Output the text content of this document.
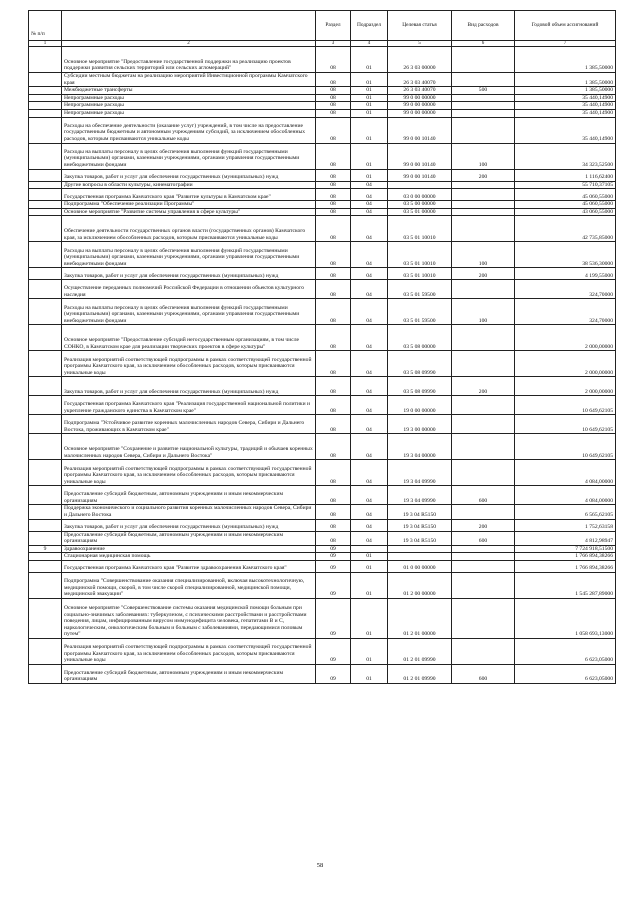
№ п/п		Раздел	Подраздел	Целевая статья	Вид расходов	Годовой объем ассигнований
1	2	3	4	5	6	7
	Основное мероприятие "Предоставление государственной поддержки на реализацию проектов поддержки развития сельских территорий или сельских агломераций"	08	01	26 3 03 00000		1 385,50000
	Субсидии местным бюджетам на реализацию мероприятий Инвестиционной программы Камчатского края	08	01	26 3 03 40070		1 385,50000
	Межбюджетные трансферты	08	01	26 3 03 40070	500	1 385,50000
	Непрограммные расходы	08	01	99 0 00 00000		35 440,14900
	Непрограммные расходы	08	01	99 0 00 00000		35 440,14900
	Непрограммные расходы	08	01	99 0 00 00000		35 440,14900
	Расходы на обеспечение деятельности (оказание услуг) учреждений, в том числе на предоставление государственным бюджетным и автономным учреждениям субсидий, за исключением обособленных расходов, которым присваиваются уникальные коды	08	01	99 0 00 10140		35 440,14900
	Расходы на выплаты персоналу в целях обеспечения выполнения функций государственными (муниципальными) органами, казенными учреждениями, органами управления государственными внебюджетными фондами	08	01	99 0 00 10140	100	34 323,52500
	Закупка товаров, работ и услуг для обеспечения государственных (муниципальных) нужд	08	01	99 0 00 10140	200	1 116,62400
	Другие вопросы в области культуры, кинематографии	08	04			55 710,37105
	Государственная программа Камчатского края "Развитие культуры в Камчатском крае"	08	04	03 0 00 00000		45 060,55000
	Подпрограмма "Обеспечение реализации Программы"	08	04	03 5 00 00000		45 060,55000
	Основное мероприятие "Развитие системы управления в сфере культуры"	08	04	03 5 01 00000		43 060,55000
	Обеспечение деятельности государственных органов власти (государственных органов) Камчатского края, за исключением обособленных расходов, которым присваиваются уникальные коды	08	04	03 5 01 10010		42 735,85000
	Расходы на выплаты персоналу в целях обеспечения выполнения функций государственными (муниципальными) органами, казенными учреждениями, органами управления государственными внебюджетными фондами	08	04	03 5 01 10010	100	38 536,30000
	Закупка товаров, работ и услуг для обеспечения государственных (муниципальных) нужд	08	04	03 5 01 10010	200	4 199,55000
	Осуществление переданных полномочий Российской Федерации в отношении объектов культурного наследия	08	04	03 5 01 59500		324,70000
	Расходы на выплаты персоналу в целях обеспечения выполнения функций государственными (муниципальными) органами, казенными учреждениями, органами управления государственными внебюджетными фондами	08	04	03 5 01 59500	100	324,70000
	Основное мероприятие "Предоставление субсидий негосударственным организациям, в том числе СОНКО, в Камчатском крае для реализации творческих проектов в сфере культуры"	08	04	03 5 08 00000		2 000,00000
	Реализация мероприятий соответствующей подпрограммы в рамках соответствующей государственной программы Камчатского края, за исключением обособленных расходов, которым присваиваются уникальные коды	08	04	03 5 08 09990		2 000,00000
	Закупка товаров, работ и услуг для обеспечения государственных (муниципальных) нужд	08	04	03 5 08 09990	200	2 000,00000
	Государственная программа Камчатского края "Реализация государственной национальной политики и укрепление гражданского единства в Камчатском крае"	08	04	19 0 00 00000		10 649,62105
	Подпрограмма "Устойчивое развитие коренных малочисленных народов Севера, Сибири и Дальнего Востока, проживающих в Камчатском крае"	08	04	19 3 00 00000		10 649,62105
	Основное мероприятие "Сохранение и развитие национальной культуры, традиций и обычаев коренных малочисленных народов Севера, Сибири и Дальнего Востока"	08	04	19 3 04 00000		10 649,62105
	Реализация мероприятий соответствующей подпрограммы в рамках соответствующей государственной программы Камчатского края, за исключением обособленных расходов, которым присваиваются уникальные коды	08	04	19 3 04 09990		4 084,00000
	Предоставление субсидий бюджетным, автономным учреждениям и иным некоммерческим организациям	08	04	19 3 04 09990	600	4 084,00000
	Поддержка экономического и социального развития коренных малочисленных народов Севера, Сибири и Дальнего Востока	08	04	19 3 04 R5150		6 565,62105
	Закупка товаров, работ и услуг для обеспечения государственных (муниципальных) нужд	08	04	19 3 04 R5150	200	1 752,63158
	Предоставление субсидий бюджетным, автономным учреждениям и иным некоммерческим организациям	08	04	19 3 04 R5150	600	4 812,98947
9	Здравоохранение	09				7 724 918,51500
	Стационарная медицинская помощь	09	01			1 766 894,38266
	Государственная программа Камчатского края "Развитие здравоохранения Камчатского края"	09	01	01 0 00 00000		1 766 894,38266
	Подпрограмма "Совершенствование оказания специализированной, включая высокотехнологичную, медицинской помощи, скорой, в том числе скорой специализированной, медицинской помощи, медицинской эвакуации"	09	01	01 2 00 00000		1 545 287,89000
	Основное мероприятие "Совершенствование системы оказания медицинской помощи больным при социально-значимых заболеваниях: туберкулезом, с психическими расстройствами и расстройствами поведения, лицам, инфицированным вирусом иммунодефицита человека, гепатитами B и C, наркологическим, онкологическим больным и больным с заболеваниями, передающимися половым путем"	09	01	01 2 01 00000		1 058 693,13000
	Реализация мероприятий соответствующей подпрограммы в рамках соответствующей государственной программы Камчатского края, за исключением обособленных расходов, которым присваиваются уникальные коды	09	01	01 2 01 09990		6 623,05000
	Предоставление субсидий бюджетным, автономным учреждениям и иным некоммерческим организациям	09	01	01 2 01 09990	600	6 623,05000
58
